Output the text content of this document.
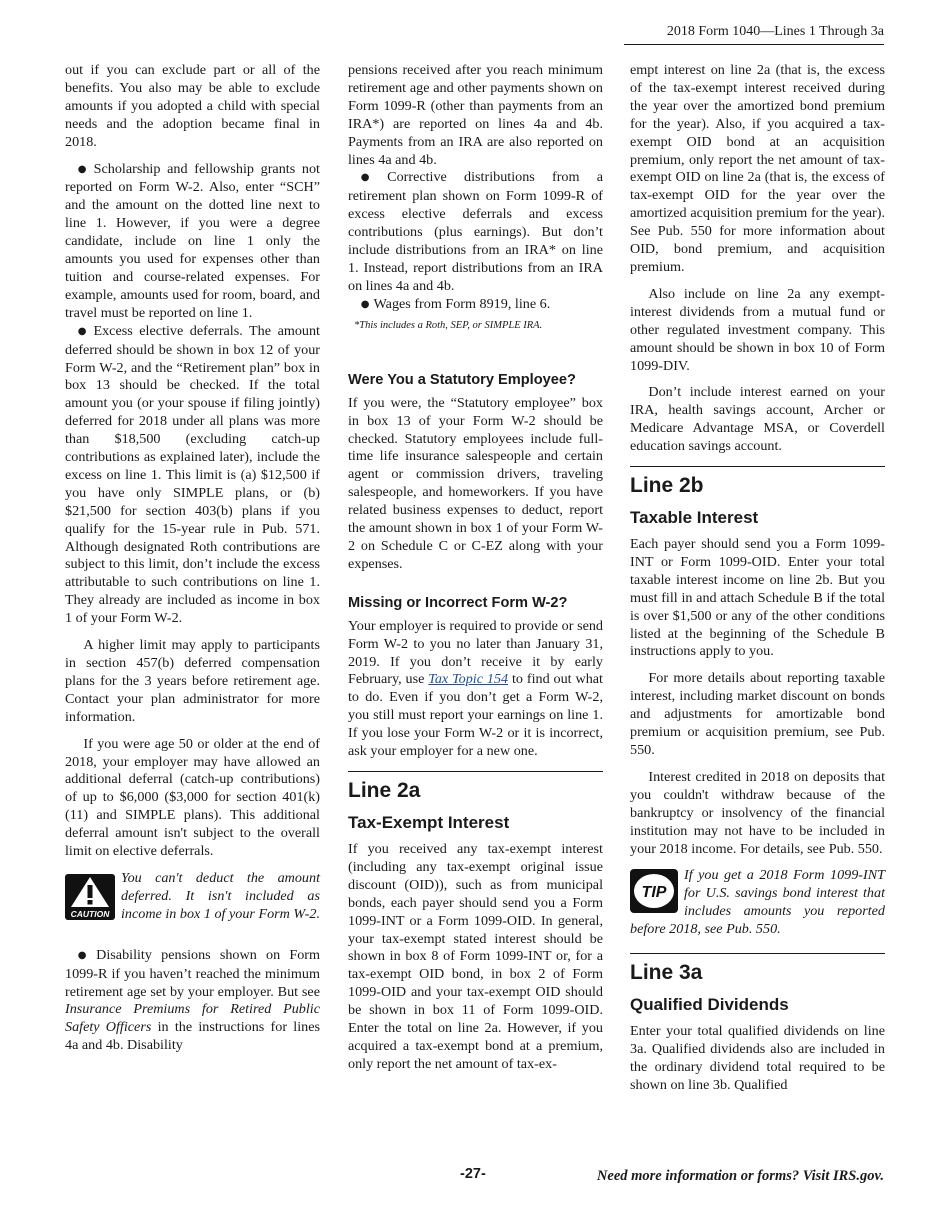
2018 Form 1040—Lines 1 Through 3a

out if you can exclude part or all of the benefits. You also may be able to exclude amounts if you adopted a child with special needs and the adoption became final in 2018.

● Scholarship and fellowship grants not reported on Form W-2. Also, enter “SCH” and the amount on the dotted line next to line 1. However, if you were a degree candidate, include on line 1 only the amounts you used for expenses other than tuition and course-related expenses. For example, amounts used for room, board, and travel must be reported on line 1.

● Excess elective deferrals. The amount deferred should be shown in box 12 of your Form W-2, and the “Retirement plan” box in box 13 should be checked. If the total amount you (or your spouse if filing jointly) deferred for 2018 under all plans was more than $18,500 (excluding catch-up contributions as explained later), include the excess on line 1. This limit is (a) $12,500 if you have only SIMPLE plans, or (b) $21,500 for section 403(b) plans if you qualify for the 15-year rule in Pub. 571. Although designated Roth contributions are subject to this limit, don’t include the excess attributable to such contributions on line 1. They already are included as income in box 1 of your Form W-2.

A higher limit may apply to participants in section 457(b) deferred compensation plans for the 3 years before retirement age. Contact your plan administrator for more information.

If you were age 50 or older at the end of 2018, your employer may have allowed an additional deferral (catch-up contributions) of up to $6,000 ($3,000 for section 401(k)(11) and SIMPLE plans). This additional deferral amount isn't subject to the overall limit on elective deferrals.

CAUTION
You can't deduct the amount deferred. It isn't included as income in box 1 of your Form W-2.

● Disability pensions shown on Form 1099-R if you haven’t reached the minimum retirement age set by your employer. But see Insurance Premiums for Retired Public Safety Officers in the instructions for lines 4a and 4b. Disability

pensions received after you reach minimum retirement age and other payments shown on Form 1099-R (other than payments from an IRA*) are reported on lines 4a and 4b. Payments from an IRA are also reported on lines 4a and 4b.

● Corrective distributions from a retirement plan shown on Form 1099-R of excess elective deferrals and excess contributions (plus earnings). But don’t include distributions from an IRA* on line 1. Instead, report distributions from an IRA on lines 4a and 4b.

● Wages from Form 8919, line 6.

*This includes a Roth, SEP, or SIMPLE IRA.

Were You a Statutory Employee?

If you were, the “Statutory employee” box in box 13 of your Form W-2 should be checked. Statutory employees include full-time life insurance salespeople and certain agent or commission drivers, traveling salespeople, and homeworkers. If you have related business expenses to deduct, report the amount shown in box 1 of your Form W-2 on Schedule C or C-EZ along with your expenses.

Missing or Incorrect Form W-2?

Your employer is required to provide or send Form W-2 to you no later than January 31, 2019. If you don’t receive it by early February, use Tax Topic 154 to find out what to do. Even if you don’t get a Form W-2, you still must report your earnings on line 1. If you lose your Form W-2 or it is incorrect, ask your employer for a new one.

Line 2a
Tax-Exempt Interest

If you received any tax-exempt interest (including any tax-exempt original issue discount (OID)), such as from municipal bonds, each payer should send you a Form 1099-INT or a Form 1099-OID. In general, your tax-exempt stated interest should be shown in box 8 of Form 1099-INT or, for a tax-exempt OID bond, in box 2 of Form 1099-OID and your tax-exempt OID should be shown in box 11 of Form 1099-OID. Enter the total on line 2a. However, if you acquired a tax-exempt bond at a premium, only report the net amount of tax-ex-

empt interest on line 2a (that is, the excess of the tax-exempt interest received during the year over the amortized bond premium for the year). Also, if you acquired a tax-exempt OID bond at an acquisition premium, only report the net amount of tax-exempt OID on line 2a (that is, the excess of tax-exempt OID for the year over the amortized acquisition premium for the year). See Pub. 550 for more information about OID, bond premium, and acquisition premium.

Also include on line 2a any exempt-interest dividends from a mutual fund or other regulated investment company. This amount should be shown in box 10 of Form 1099-DIV.

Don’t include interest earned on your IRA, health savings account, Archer or Medicare Advantage MSA, or Coverdell education savings account.

Line 2b
Taxable Interest

Each payer should send you a Form 1099-INT or Form 1099-OID. Enter your total taxable interest income on line 2b. But you must fill in and attach Schedule B if the total is over $1,500 or any of the other conditions listed at the beginning of the Schedule B instructions apply to you.

For more details about reporting taxable interest, including market discount on bonds and adjustments for amortizable bond premium or acquisition premium, see Pub. 550.

Interest credited in 2018 on deposits that you couldn't withdraw because of the bankruptcy or insolvency of the financial institution may not have to be included in your 2018 income. For details, see Pub. 550.

TIP
If you get a 2018 Form 1099-INT for U.S. savings bond interest that includes amounts you reported before 2018, see Pub. 550.
Line 3a
Qualified Dividends

Enter your total qualified dividends on line 3a. Qualified dividends also are included in the ordinary dividend total required to be shown on line 3b. Qualified

-27-	Need more information or forms? Visit IRS.gov.
